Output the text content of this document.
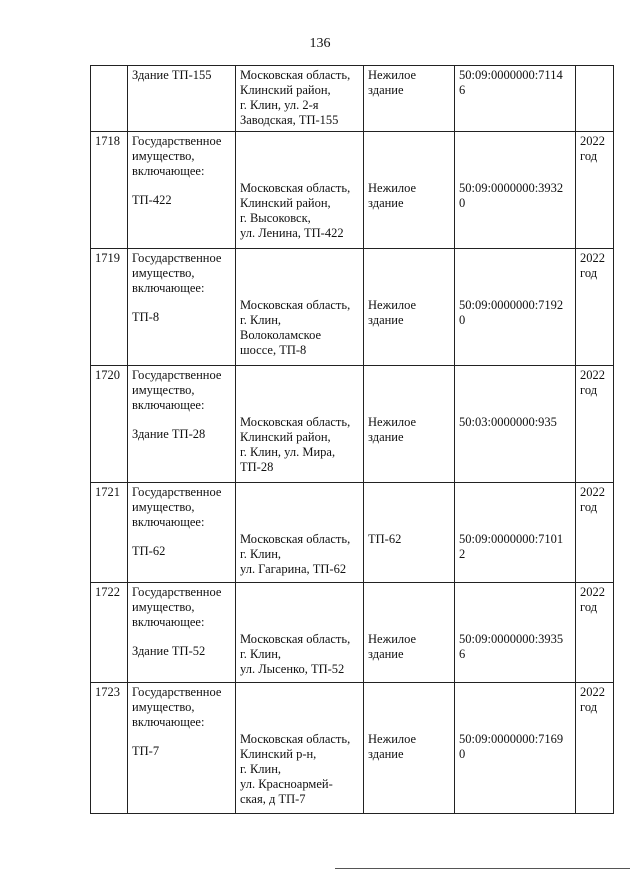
136

	Здание ТП-155	Московская область,
Клинский район,
г. Клин, ул. 2-я
Заводская, ТП-155	Нежилое
здание	50:09:0000000:7114
6	

1718	Государственное
имущество,
включающее:
ТП-422	Московская область,
Клинский район,
г. Высоковск,
ул. Ленина, ТП-422	Нежилое
здание	50:09:0000000:3932
0	2022
год

1719	Государственное
имущество,
включающее:
ТП-8	Московская область,
г. Клин,
Волоколамское
шоссе, ТП-8	Нежилое
здание	50:09:0000000:7192
0	2022
год

1720	Государственное
имущество,
включающее:
Здание ТП-28	Московская область,
Клинский район,
г. Клин, ул. Мира,
ТП-28	Нежилое
здание	50:03:0000000:935	2022
год

1721	Государственное
имущество,
включающее:
ТП-62	Московская область,
г. Клин,
ул. Гагарина, ТП-62	ТП-62	50:09:0000000:7101
2	2022
год

1722	Государственное
имущество,
включающее:
Здание ТП-52	Московская область,
г. Клин,
ул. Лысенко, ТП-52	Нежилое
здание	50:09:0000000:3935
6	2022
год

1723	Государственное
имущество,
включающее:
ТП-7	Московская область,
Клинский р-н,
г. Клин,
ул. Красноармей-
ская, д ТП-7	Нежилое
здание	50:09:0000000:7169
0	2022
год
